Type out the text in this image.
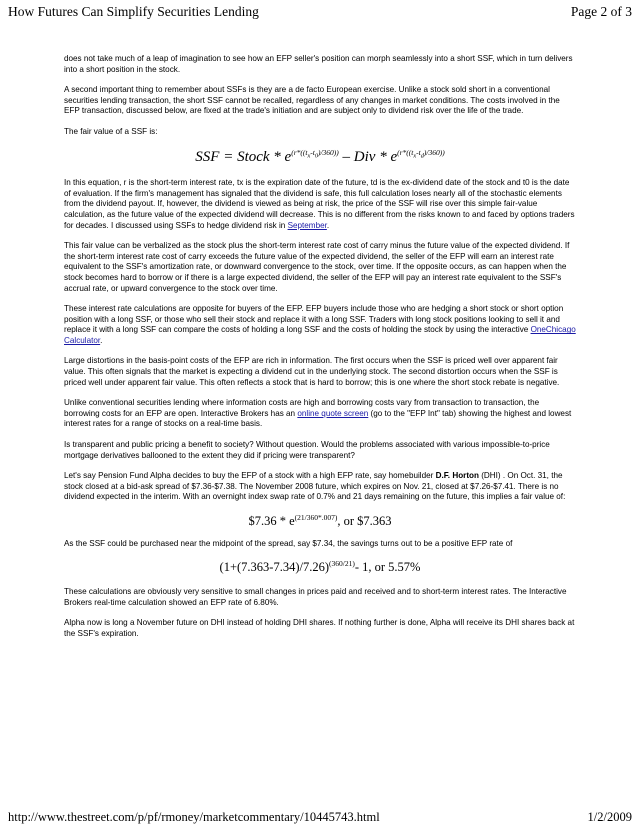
How Futures Can Simplify Securities Lending	Page 2 of 3

does not take much of a leap of imagination to see how an EFP seller's position can morph seamlessly into a short SSF, which in turn delivers into a short position in the stock.

A second important thing to remember about SSFs is they are a de facto European exercise. Unlike a stock sold short in a conventional securities lending transaction, the short SSF cannot be recalled, regardless of any changes in market conditions. The costs involved in the EFP transaction, discussed below, are fixed at the trade's initiation and are subject only to dividend risk over the life of the trade.

The fair value of a SSF is:

SSF = Stock * $e^{(r*((t_x-t_0)/360))}$ – Div * $e^{(r*((t_x-t_d)/360))}$

In this equation, r is the short-term interest rate, tx is the expiration date of the future, td is the ex-dividend date of the stock and t0 is the date of evaluation. If the firm's management has signaled that the dividend is safe, this full calculation loses nearly all of the stochastic elements from the dividend payout. If, however, the dividend is viewed as being at risk, the price of the SSF will rise over this simple fair-value calculation, as the future value of the expected dividend will decrease. This is no different from the risks known to and faced by options traders for decades. I discussed using SSFs to hedge dividend risk in September.

This fair value can be verbalized as the stock plus the short-term interest rate cost of carry minus the future value of the expected dividend. If the short-term interest rate cost of carry exceeds the future value of the expected dividend, the seller of the EFP will earn an interest rate equivalent to the SSF's amortization rate, or downward convergence to the stock, over time. If the opposite occurs, as can happen when the stock becomes hard to borrow or if there is a large expected dividend, the seller of the EFP will pay an interest rate equivalent to the SSF's accrual rate, or upward convergence to the stock over time.

These interest rate calculations are opposite for buyers of the EFP. EFP buyers include those who are hedging a short stock or short option position with a long SSF, or those who sell their stock and replace it with a long SSF. Traders with long stock positions looking to sell it and replace it with a long SSF can compare the costs of holding a long SSF and the costs of holding the stock by using the interactive OneChicago Calculator.

Large distortions in the basis-point costs of the EFP are rich in information. The first occurs when the SSF is priced well over apparent fair value. This often signals that the market is expecting a dividend cut in the underlying stock. The second distortion occurs when the SSF is priced well under apparent fair value. This often reflects a stock that is hard to borrow; this is one where the short stock rebate is negative.

Unlike conventional securities lending where information costs are high and borrowing costs vary from transaction to transaction, the borrowing costs for an EFP are open. Interactive Brokers has an online quote screen (go to the "EFP Int" tab) showing the highest and lowest interest rates for a range of stocks on a real-time basis.

Is transparent and public pricing a benefit to society? Without question. Would the problems associated with various impossible-to-price mortgage derivatives ballooned to the extent they did if pricing were transparent?

Let's say Pension Fund Alpha decides to buy the EFP of a stock with a high EFP rate, say homebuilder D.F. Horton (DHI) . On Oct. 31, the stock closed at a bid-ask spread of $7.36-$7.38. The November 2008 future, which expires on Nov. 21, closed at $7.26-$7.41. There is no dividend expected in the interim. With an overnight index swap rate of 0.7% and 21 days remaining on the future, this implies a fair value of:

$7.36 * $e^{(21/360*.007)}$, or $7.363

As the SSF could be purchased near the midpoint of the spread, say $7.34, the savings turns out to be a positive EFP rate of

$(1+(7.363-7.34)/7.26)^{(360/21)}-$ 1, or 5.57%

These calculations are obviously very sensitive to small changes in prices paid and received and to short-term interest rates. The Interactive Brokers real-time calculation showed an EFP rate of 6.80%.

Alpha now is long a November future on DHI instead of holding DHI shares. If nothing further is done, Alpha will receive its DHI shares back at the SSF's expiration.

http://www.thestreet.com/p/pf/rmoney/marketcommentary/10445743.html	1/2/2009
